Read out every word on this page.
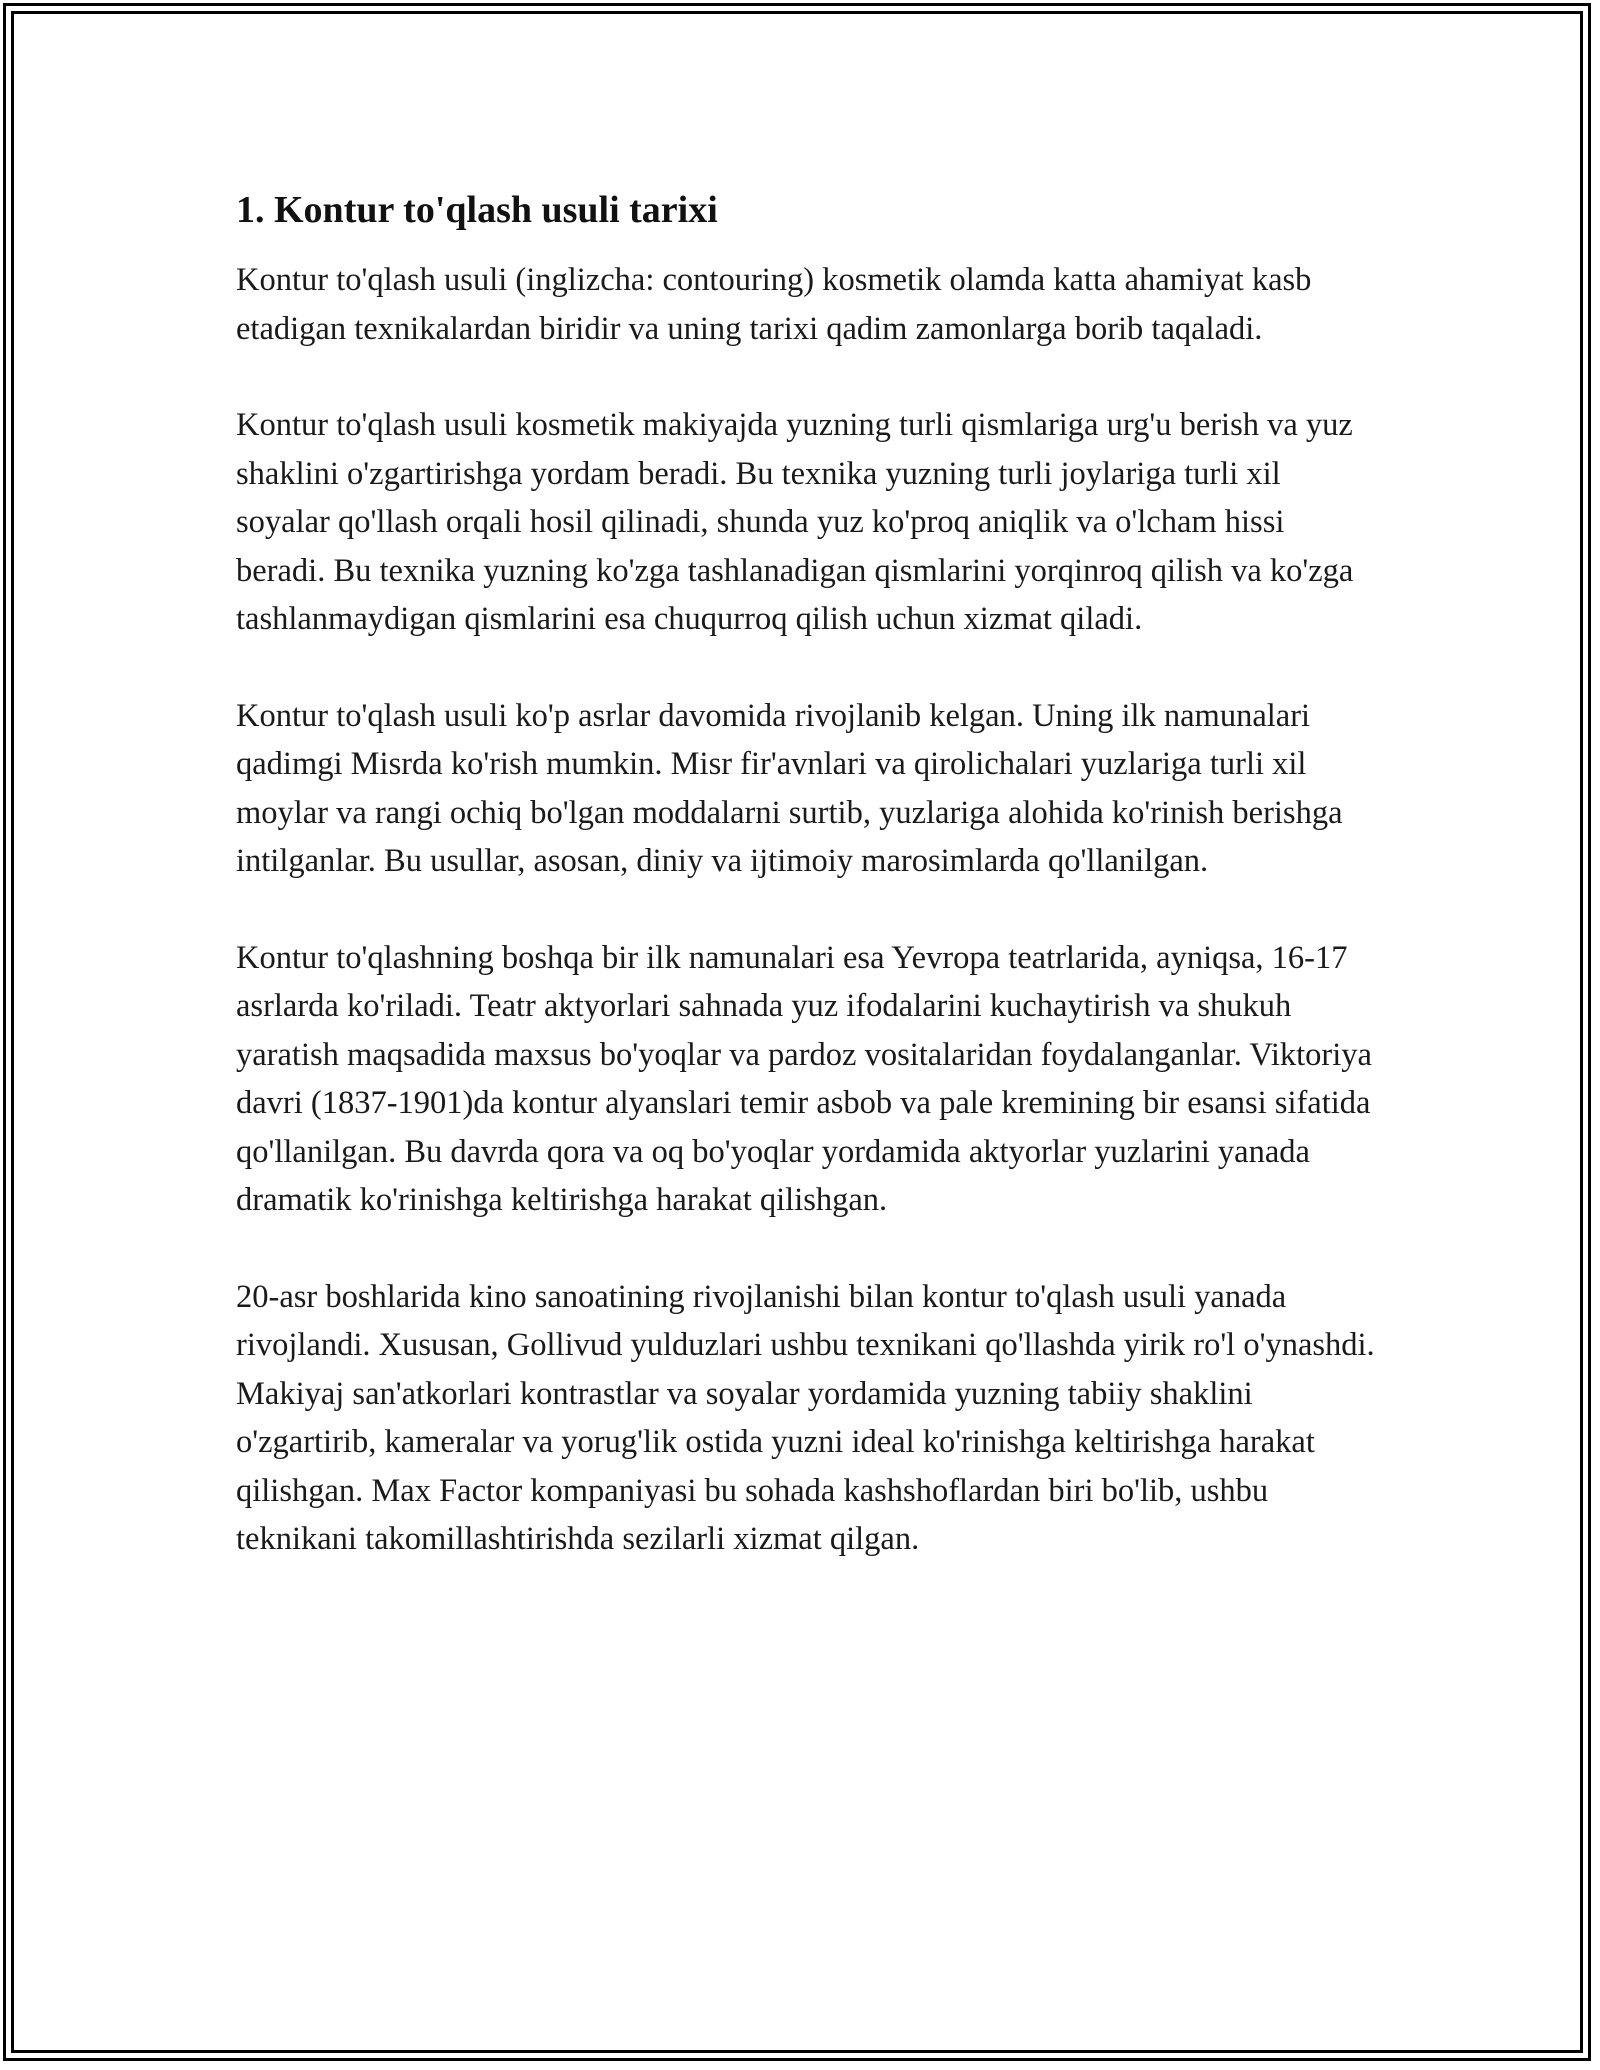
1. Kontur to'qlash usuli tarixi

Kontur to'qlash usuli (inglizcha: contouring) kosmetik olamda katta ahamiyat kasb etadigan texnikalardan biridir va uning tarixi qadim zamonlarga borib taqaladi.

Kontur to'qlash usuli kosmetik makiyajda yuzning turli qismlariga urg'u berish va yuz shaklini o'zgartirishga yordam beradi. Bu texnika yuzning turli joylariga turli xil soyalar qo'llash orqali hosil qilinadi, shunda yuz ko'proq aniqlik va o'lcham hissi beradi. Bu texnika yuzning ko'zga tashlanadigan qismlarini yorqinroq qilish va ko'zga tashlanmaydigan qismlarini esa chuqurroq qilish uchun xizmat qiladi.

Kontur to'qlash usuli ko'p asrlar davomida rivojlanib kelgan. Uning ilk namunalari qadimgi Misrda ko'rish mumkin. Misr fir'avnlari va qirolichalari yuzlariga turli xil moylar va rangi ochiq bo'lgan moddalarni surtib, yuzlariga alohida ko'rinish berishga intilganlar. Bu usullar, asosan, diniy va ijtimoiy marosimlarda qo'llanilgan.

Kontur to'qlashning boshqa bir ilk namunalari esa Yevropa teatrlarida, ayniqsa, 16-17 asrlarda ko'riladi. Teatr aktyorlari sahnada yuz ifodalarini kuchaytirish va shukuh yaratish maqsadida maxsus bo'yoqlar va pardoz vositalaridan foydalanganlar. Viktoriya davri (1837-1901)da kontur alyanslari temir asbob va pale kremining bir esansi sifatida qo'llanilgan. Bu davrda qora va oq bo'yoqlar yordamida aktyorlar yuzlarini yanada dramatik ko'rinishga keltirishga harakat qilishgan.

20-asr boshlarida kino sanoatining rivojlanishi bilan kontur to'qlash usuli yanada rivojlandi. Xususan, Gollivud yulduzlari ushbu texnikani qo'llashda yirik ro'l o'ynashdi. Makiyaj san'atkorlari kontrastlar va soyalar yordamida yuzning tabiiy shaklini o'zgartirib, kameralar va yorug'lik ostida yuzni ideal ko'rinishga keltirishga harakat qilishgan. Max Factor kompaniyasi bu sohada kashshoflardan biri bo'lib, ushbu teknikani takomillashtirishda sezilarli xizmat qilgan.
